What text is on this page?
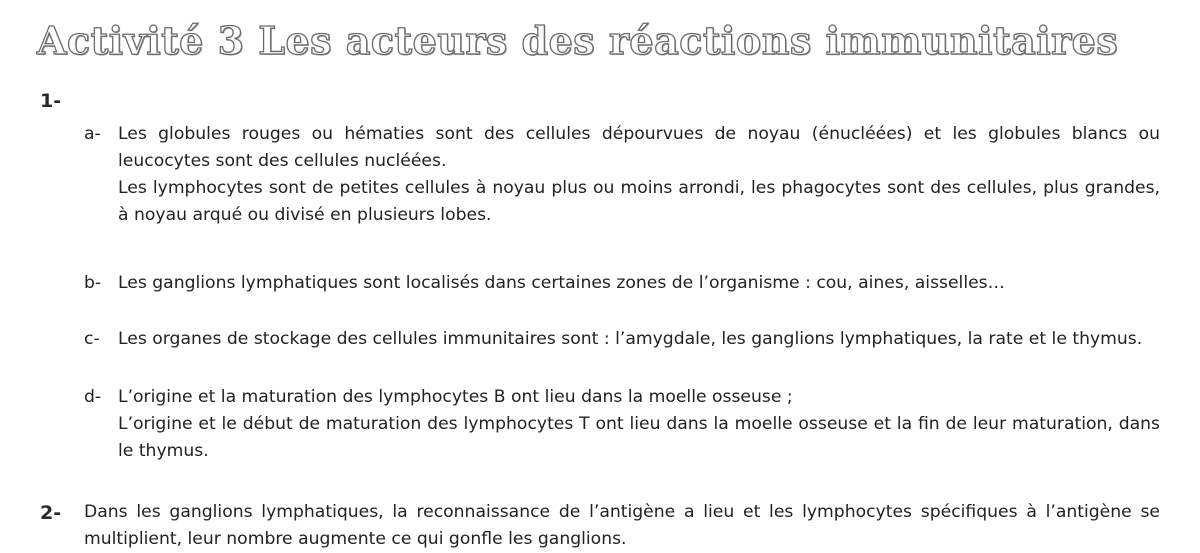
Activité 3 Les acteurs des réactions immunitaires
1-
a- Les globules rouges ou hématies sont des cellules dépourvues de noyau (énucléées) et les globules blancs ou leucocytes sont des cellules nucléées.

Les lymphocytes sont de petites cellules à noyau plus ou moins arrondi, les phagocytes sont des cellules, plus grandes, à noyau arqué ou divisé en plusieurs lobes.

b- Les ganglions lymphatiques sont localisés dans certaines zones de l’organisme : cou, aines, aisselles…
c- Les organes de stockage des cellules immunitaires sont : l’amygdale, les ganglions lymphatiques, la rate et le thymus.
d- L’origine et la maturation des lymphocytes B ont lieu dans la moelle osseuse ;

L’origine et le début de maturation des lymphocytes T ont lieu dans la moelle osseuse et la fin de leur maturation, dans le thymus.

2- Dans les ganglions lymphatiques, la reconnaissance de l’antigène a lieu et les lymphocytes spécifiques à l’antigène se multiplient, leur nombre augmente ce qui gonfle les ganglions.
